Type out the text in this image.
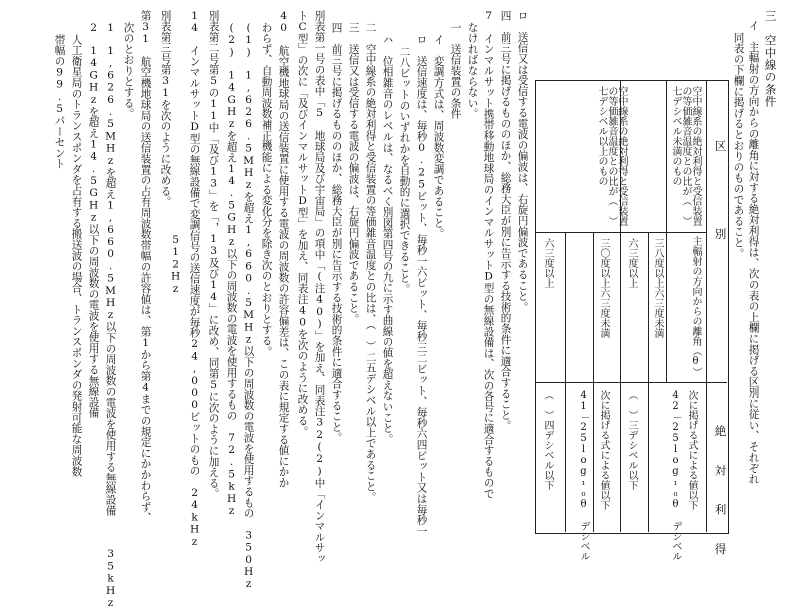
三　空中線の条件
イ　主輻射の方向からの離角に対する絶対利得は、次の表の上欄に掲げる区別に従い、それぞれ
同表の下欄に掲げるとおりのものであること。
区　　　　別
絶　対　利　得
主輻射の方向からの離角（θ）
空中線系の絶対利得と受信装置の等価雑音温度との比が（　）七デシベル未満のもの
空中線系の絶対利得と受信装置の等価雑音温度との比が（　）七デシベル以上のもの
三八度以上六三度未満
次に掲げる式による値以下
42－25log₁₀θ デシベル
六三度以上
（　）三デシベル以下
三〇度以上六三度未満
次に掲げる式による値以下
41－25log₁₀θ デシベル
六三度以上
（　）四デシベル以下
ロ　送信又は受信する電波の偏波は、右旋円偏波であること。
四　前三号に掲げるもののほか、総務大臣が別に告示する技術的条件に適合すること。
7　インマルサット携帯移動地球局のインマルサットD型の無線設備は、次の各号に適合するもので
なければならない。
一　送信装置の条件
イ　変調方式は、周波数変調であること。
ロ　送信速度は、毎秒0.25ビット、毎秒一六ビット、毎秒三二ビット、毎秒六四ビット又は毎秒一
二八ビットのいずれかを自動的に選択できること。
ハ　位相雑音のレベルは、なるべく別図第四号の九に示す曲線の値を超えないこと。
二　空中線系の絶対利得と受信装置の等価雑音温度との比は、（　）二五デシベル以上であること。
三　送信又は受信する電波の偏波は、右旋円偏波であること。
四　前三号に掲げるもののほか、総務大臣が別に告示する技術的条件に適合すること。
別表第一号の表中「5　地球局及び宇宙局」の項中「(注40)」を加え、同表注32(2)中「インマルサッ
トC型」の次に「及びインマルサットD型」を加え、同表注40を次のように改める。
40　航空機地球局の送信装置に使用する電波の周波数の許容偏差は、この表に規定する値にかか
わらず、自動周波数補正機能による変化分を除き次のとおりとする。
(1)　1,626.5MHzを超え1,660.5MHz以下の周波数の電波を使用するもの　350Hz
(2)　14GHzを超え14.5GHz以下の周波数の電波を使用するもの　72.5kHz
別表第二号第5の11中「及び13」を「，13及び14」に改め、同第5に次のように加える。
14　インマルサットD型の無線設備で変調信号の送信速度が毎秒24,000ビットのもの　24kHz
512Hz
別表第三号第31を次のように改める。
第31　航空機地球局の送信装置の占有周波数帯幅の許容値は、第1から第4までの規定にかかわらず、
次のとおりとする。
1　1,626.5MHzを超え1,660.5MHz以下の周波数の電波を使用する無線設備　　　35kHz
2　14GHzを超え14.5GHz以下の周波数の電波を使用する無線設備
人工衛星局のトランスポンダを占有する搬送波の場合、トランスポンダの発射可能な周波数
帯幅の99.5パーセント
